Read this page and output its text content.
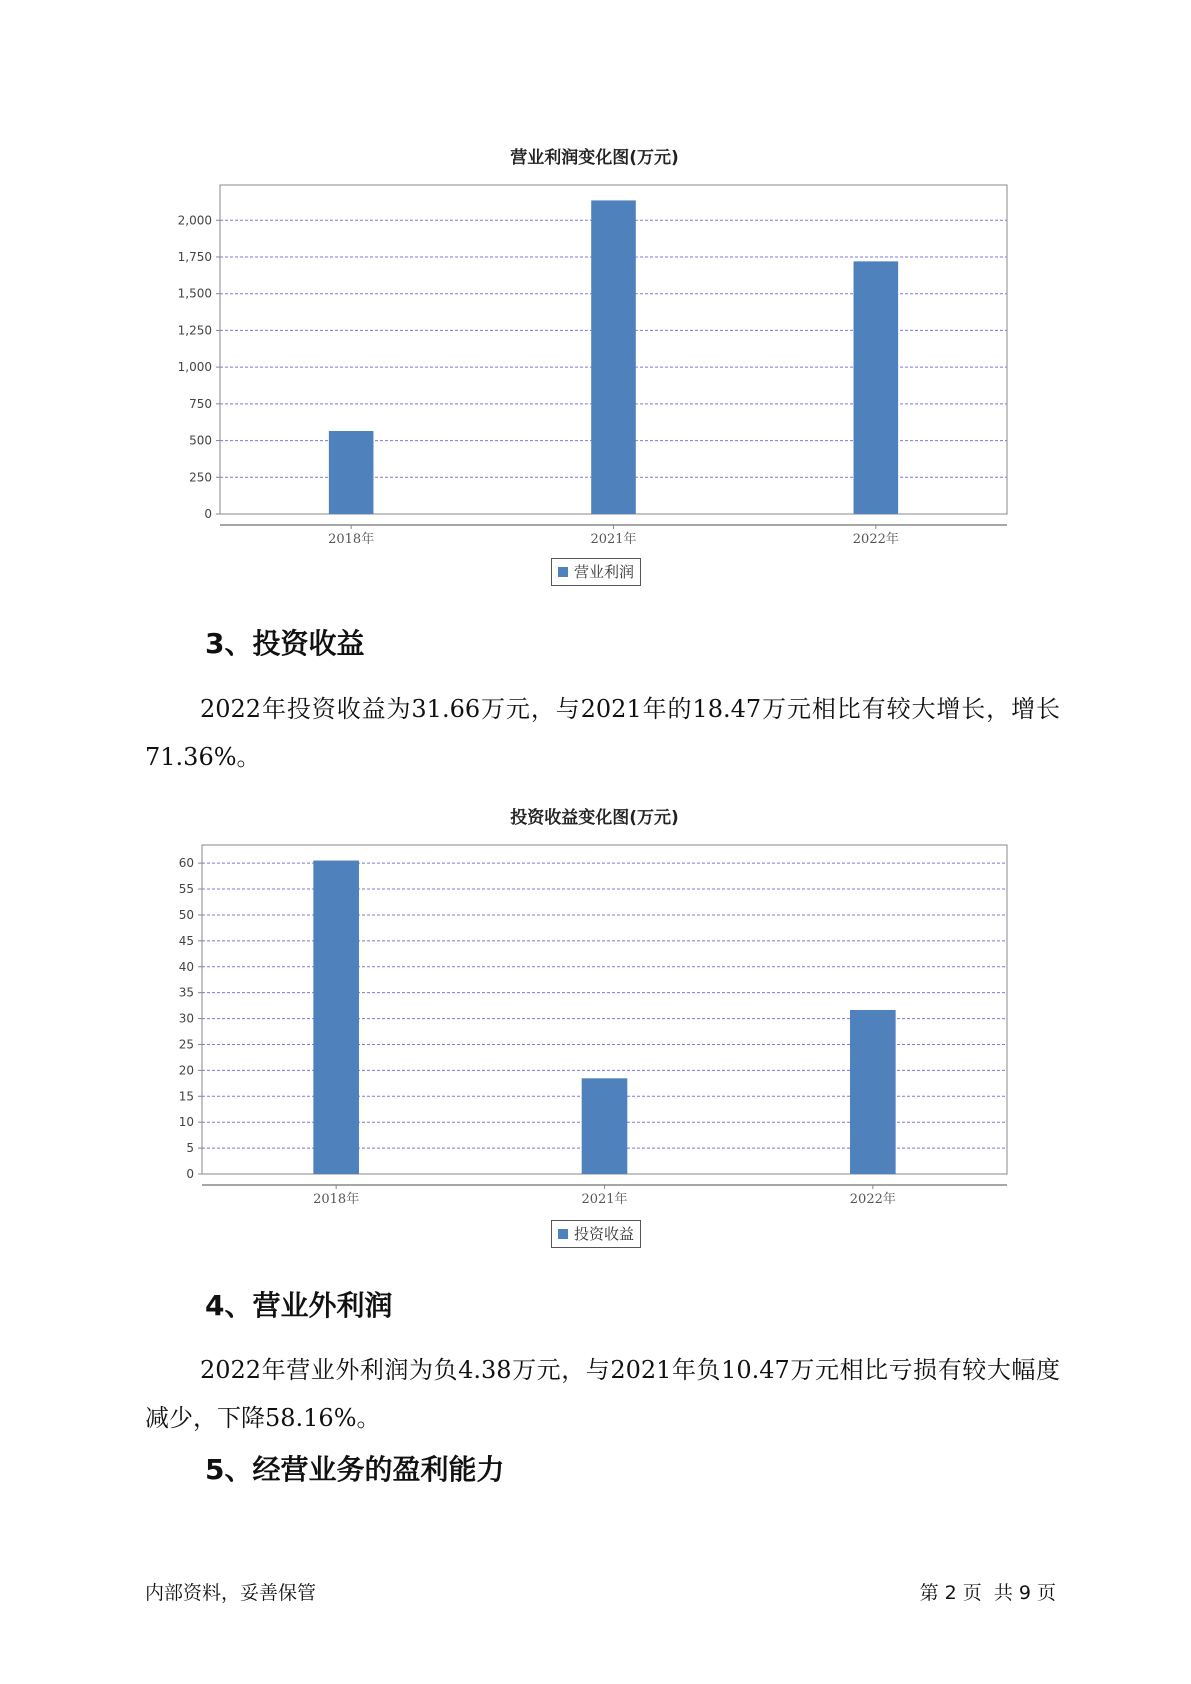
营业利润变化图(万元)
0
250
500
750
1,000
1,250
1,500
1,750
2,000
2018年	2021年	2022年
营业利润
3、投资收益

2022年投资收益为31.66万元，与2021年的18.47万元相比有较大增长，增长71.36%。

投资收益变化图(万元)
0
5
10
15
20
25
30
35
40
45
50
55
60
2018年	2021年	2022年
投资收益
4、营业外利润

2022年营业外利润为负4.38万元，与2021年负10.47万元相比亏损有较大幅度减少，下降58.16%。

5、经营业务的盈利能力
内部资料，妥善保管	第 2 页  共 9 页
